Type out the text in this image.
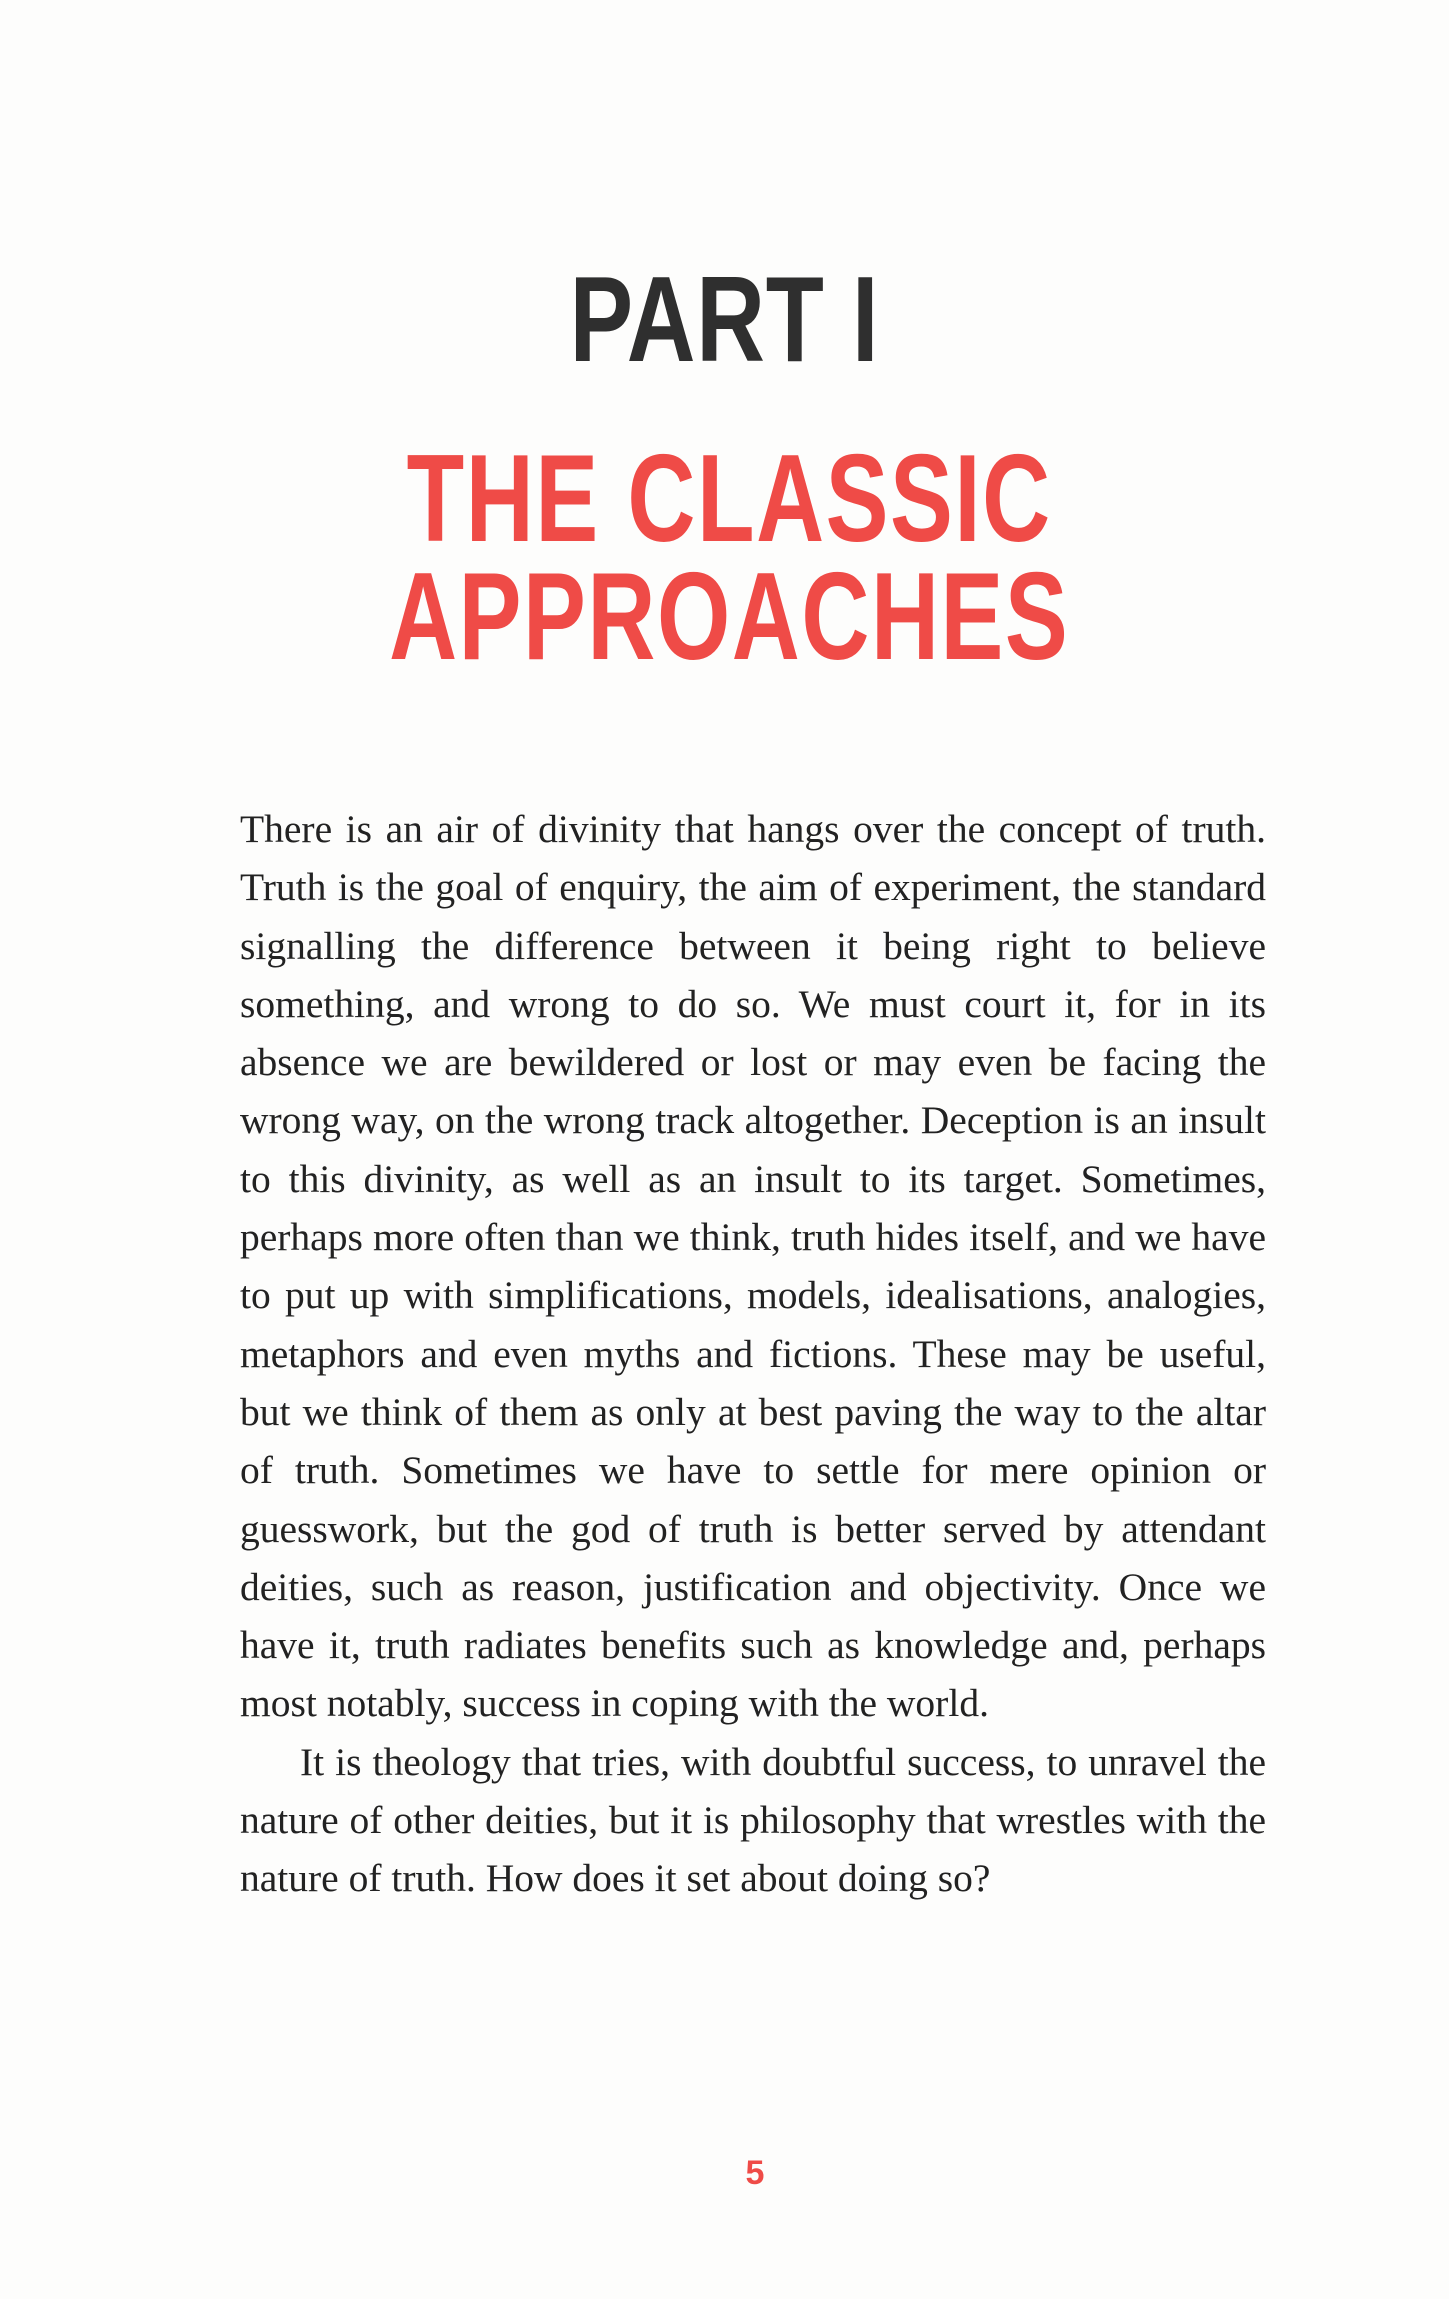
PART I
THE CLASSIC
APPROACHES

There is an air of divinity that hangs over the concept of truth. Truth is the goal of enquiry, the aim of experiment, the standard signalling the difference between it being right to believe something, and wrong to do so. We must court it, for in its absence we are bewildered or lost or may even be facing the wrong way, on the wrong track altogether. Deception is an insult to this divinity, as well as an insult to its target. Sometimes, perhaps more often than we think, truth hides itself, and we have to put up with simplifications, models, idealisations, analogies, metaphors and even myths and fictions. These may be useful, but we think of them as only at best paving the way to the altar of truth. Sometimes we have to settle for mere opinion or guesswork, but the god of truth is better served by attendant deities, such as reason, justification and objectivity. Once we have it, truth radiates benefits such as knowledge and, perhaps most notably, success in coping with the world.

It is theology that tries, with doubtful success, to unravel the nature of other deities, but it is philosophy that wrestles with the nature of truth. How does it set about doing so?

5
